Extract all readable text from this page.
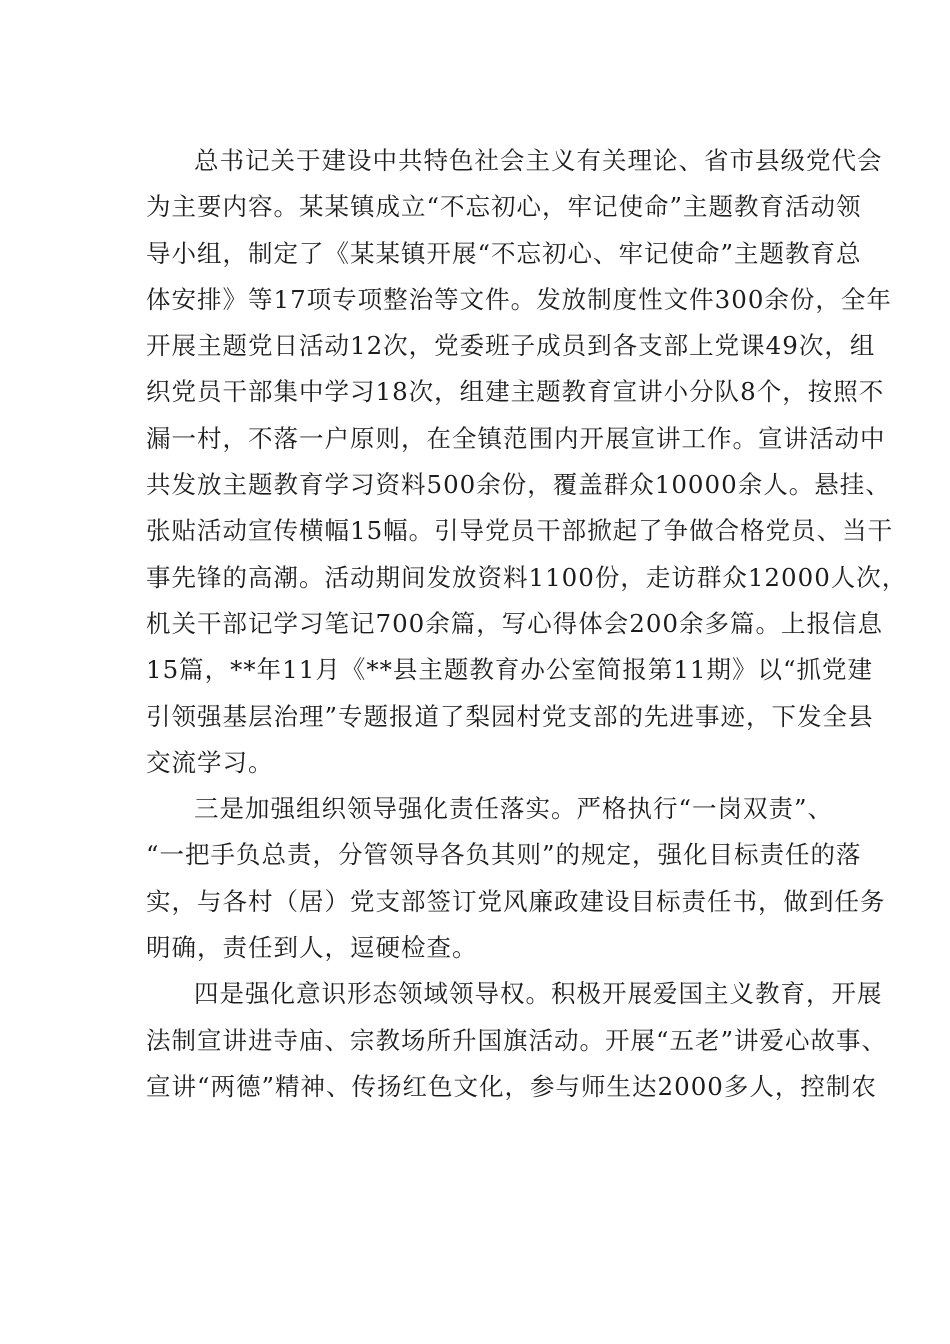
总书记关于建设中共特色社会主义有关理论、省市县级党代会
为主要内容。某某镇成立“不忘初心，牢记使命”主题教育活动领
导小组，制定了《某某镇开展“不忘初心、牢记使命”主题教育总
体安排》等17项专项整治等文件。发放制度性文件300余份，全年
开展主题党日活动12次，党委班子成员到各支部上党课49次，组
织党员干部集中学习18次，组建主题教育宣讲小分队8个，按照不
漏一村，不落一户原则，在全镇范围内开展宣讲工作。宣讲活动中
共发放主题教育学习资料500余份，覆盖群众10000余人。悬挂、
张贴活动宣传横幅15幅。引导党员干部掀起了争做合格党员、当干
事先锋的高潮。活动期间发放资料1100份，走访群众12000人次，
机关干部记学习笔记700余篇，写心得体会200余多篇。上报信息
15篇，**年11月《**县主题教育办公室简报第11期》以“抓党建
引领强基层治理”专题报道了梨园村党支部的先进事迹，下发全县
交流学习。
三是加强组织领导强化责任落实。严格执行“一岗双责”、
“一把手负总责，分管领导各负其则”的规定，强化目标责任的落
实，与各村（居）党支部签订党风廉政建设目标责任书，做到任务
明确，责任到人，逗硬检查。
四是强化意识形态领域领导权。积极开展爱国主义教育，开展
法制宣讲进寺庙、宗教场所升国旗活动。开展“五老”讲爱心故事、
宣讲“两德”精神、传扬红色文化，参与师生达2000多人，控制农
